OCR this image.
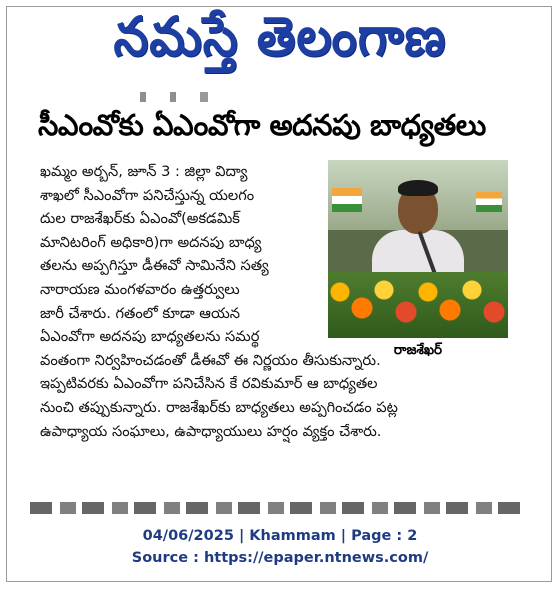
నమస్తే తెలంగాణ
సీఎంవోకు ఏఎంవోగా అదనపు బాధ్యతలు
ఖమ్మం అర్బన్, జూన్ 3 : జిల్లా విద్యా
శాఖలో సీఎంవోగా పనిచేస్తున్న యలగం
దుల రాజశేఖర్‌కు ఏఎంవో(అకడమిక్
మానిటరింగ్ అధికారి)గా అదనపు బాధ్య
తలను అప్పగిస్తూ డీఈవో సామినేని సత్య
నారాయణ మంగళవారం ఉత్తర్వులు
జారీ చేశారు. గతంలో కూడా ఆయన
ఏఎంవోగా అదనపు బాధ్యతలను సమర్థ
వంతంగా నిర్వహించడంతో డీఈవో ఈ నిర్ణయం తీసుకున్నారు.
ఇప్పటివరకు ఏఎంవోగా పనిచేసిన కే రవికుమార్ ఆ బాధ్యతల
నుంచి తప్పుకున్నారు. రాజశేఖర్‌కు బాధ్యతలు అప్పగించడం పట్ల
ఉపాధ్యాయ సంఘాలు, ఉపాధ్యాయులు హర్షం వ్యక్తం చేశారు.
రాజశేఖర్
04/06/2025 | Khammam | Page : 2
Source : https://epaper.ntnews.com/
